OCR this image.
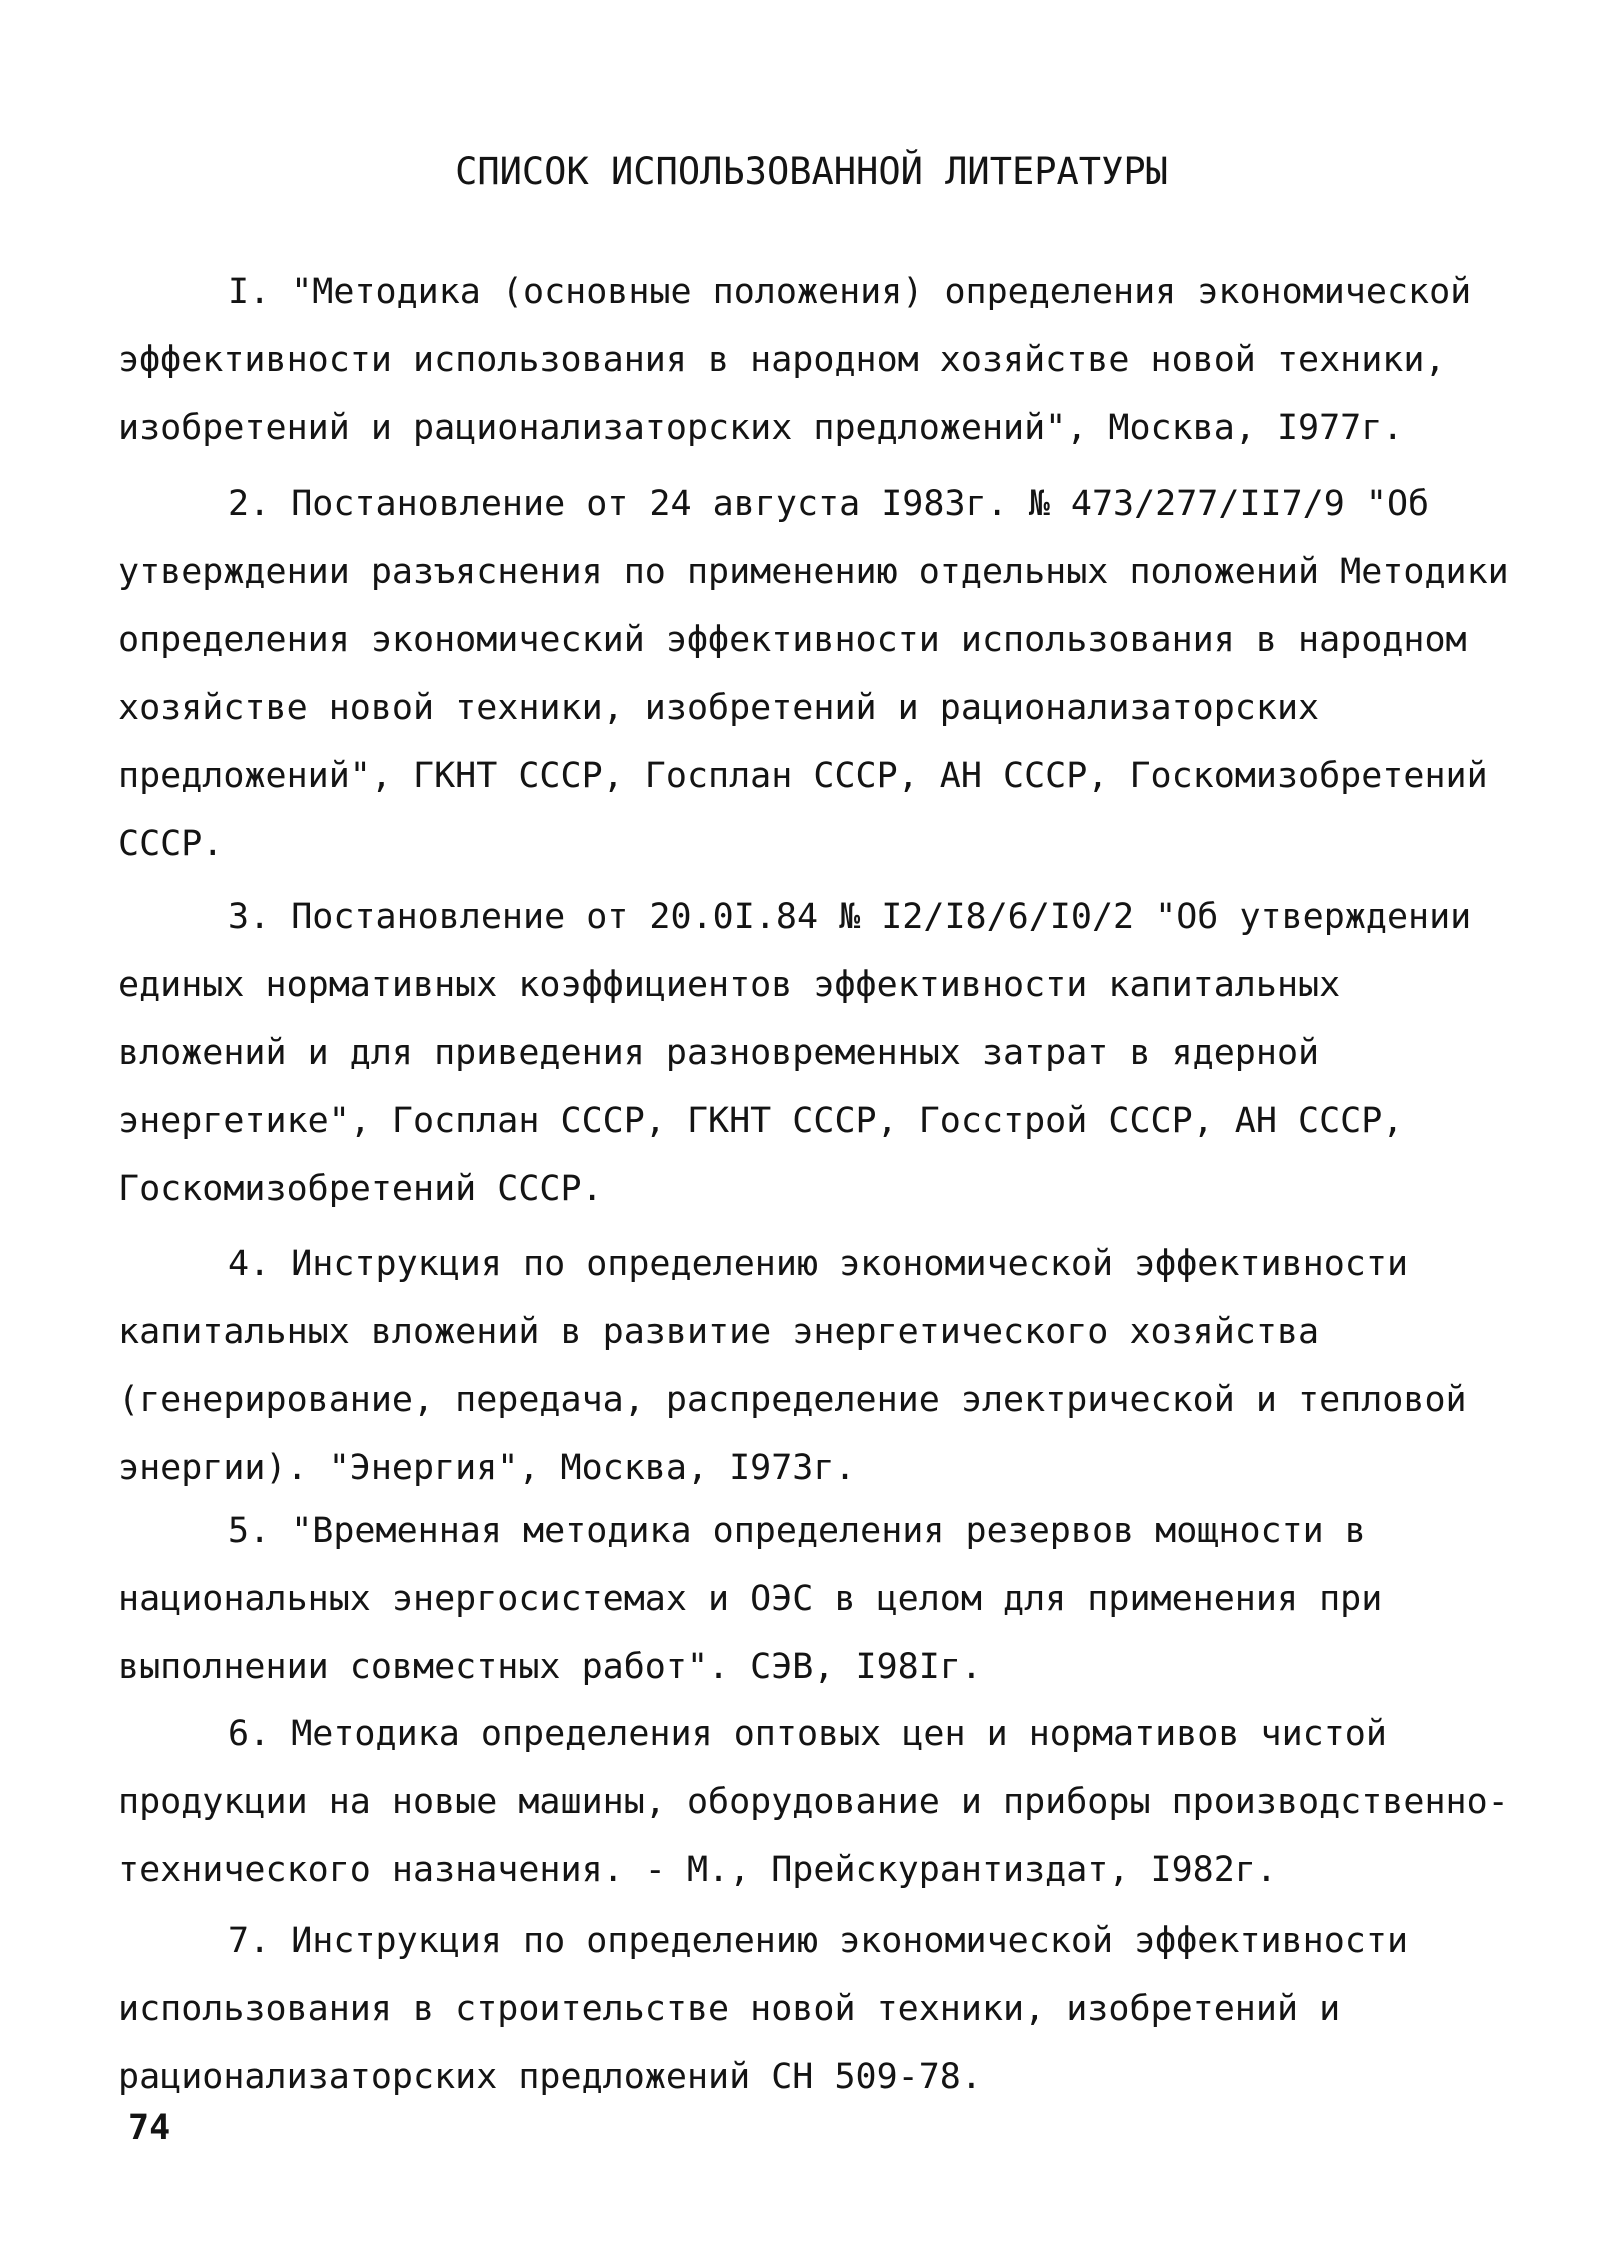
СПИСОК ИСПОЛЬЗОВАННОЙ ЛИТЕРАТУРЫ

I. "Методика (основные положения) определения экономической эффективности использования в народном хозяйстве новой техники, изобретений и рационализаторских предложений", Москва, I977г.

2. Постановление от 24 августа I983г. № 473/277/II7/9 "Об утверждении разъяснения по применению отдельных положений Методики определения экономический эффективности использования в народном хозяйстве новой техники, изобретений и рационализаторских предложений", ГКНТ СССР, Госплан СССР, АН СССР, Госкомизобретений СССР.

3. Постановление от 20.0I.84 № I2/I8/6/I0/2 "Об утверждении единых нормативных коэффициентов эффективности капитальных вложений и для приведения разновременных затрат в ядерной энергетике", Госплан СССР, ГКНТ СССР, Госстрой СССР, АН СССР, Госкомизобретений СССР.

4. Инструкция по определению экономической эффективности капитальных вложений в развитие энергетического хозяйства (генерирование, передача, распределение электрической и тепловой энергии). "Энергия", Москва, I973г.

5. "Временная методика определения резервов мощности в национальных энергосистемах и ОЭС в целом для применения при выполнении совместных работ". СЭВ, I98Iг.

6. Методика определения оптовых цен и нормативов чистой продукции на новые машины, оборудование и приборы производственно-технического назначения. - М., Прейскурантиздат, I982г.

7. Инструкция по определению экономической эффективности использования в строительстве новой техники, изобретений и рационализаторских предложений СН 509-78.

74
